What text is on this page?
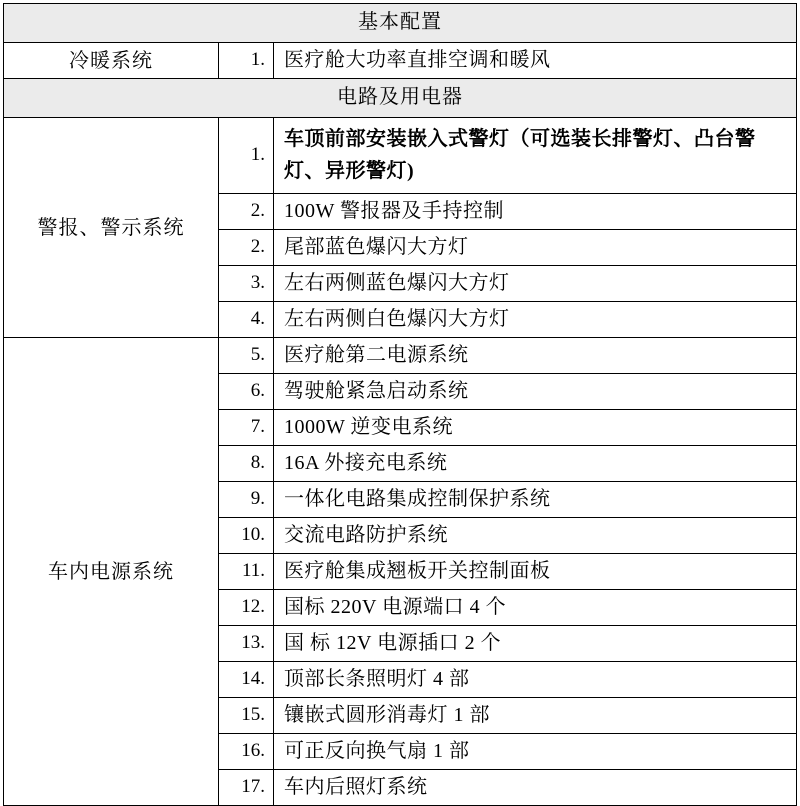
基本配置		
冷暖系统	1.	医疗舱大功率直排空调和暖风
电路及用电器		
警报、警示系统	1.	车顶前部安装嵌入式警灯（可选装长排警灯、凸台警灯、异形警灯)
	2.	100W 警报器及手持控制
	2.	尾部蓝色爆闪大方灯
	3.	左右两侧蓝色爆闪大方灯
	4.	左右两侧白色爆闪大方灯
车内电源系统	5.	医疗舱第二电源系统
	6.	驾驶舱紧急启动系统
	7.	1000W 逆变电系统
	8.	16A 外接充电系统
	9.	一体化电路集成控制保护系统
	10.	交流电路防护系统
	11.	医疗舱集成翘板开关控制面板
	12.	国标 220V 电源端口 4 个
	13.	国 标 12V 电源插口 2 个
	14.	顶部长条照明灯 4 部
	15.	镶嵌式圆形消毒灯 1 部
	16.	可正反向换气扇 1 部
	17.	车内后照灯系统
